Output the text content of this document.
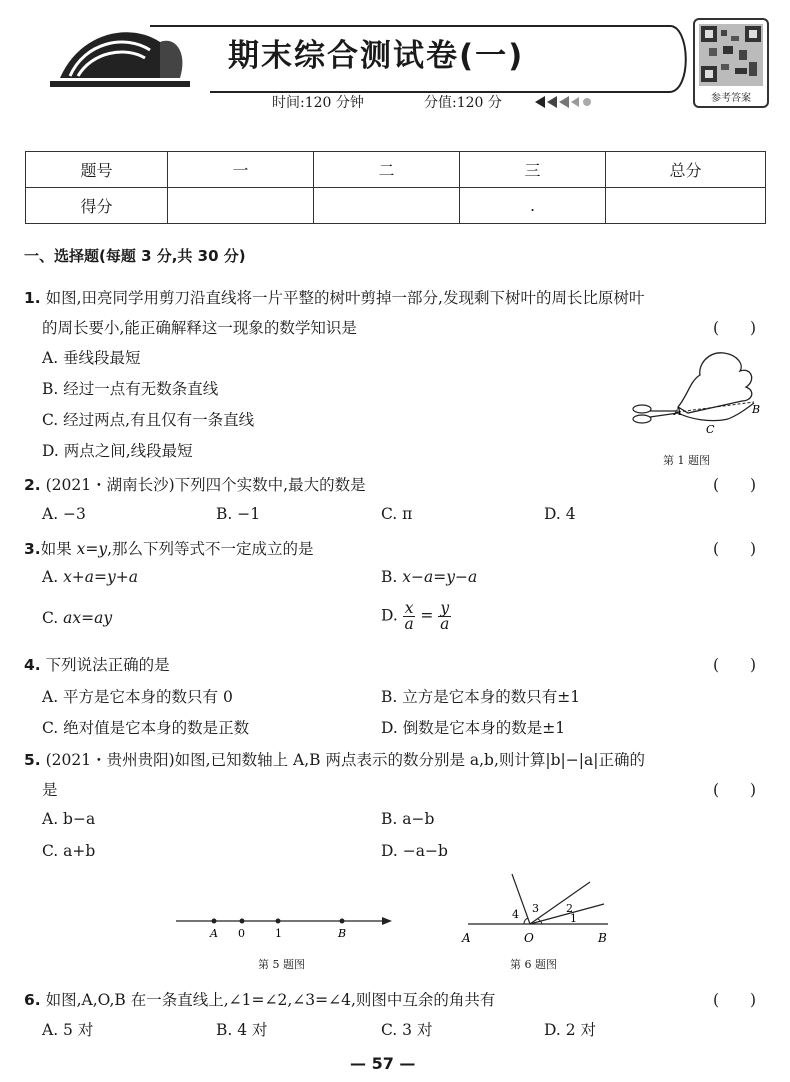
期末综合测试卷(一)
时间:120 分钟	分值:120 分	参考答案
题号	一	二	三	总分
得分			.	
一、选择题(每题 3 分,共 30 分)
1. 如图,田亮同学用剪刀沿直线将一片平整的树叶剪掉一部分,发现剩下树叶的周长比原树叶
的周长要小,能正确解释这一现象的数学知识是	(　　)
A. 垂线段最短
B. 经过一点有无数条直线
C. 经过两点,有且仅有一条直线
D. 两点之间,线段最短
A	B
C
第 1 题图
2. (2021・湖南长沙)下列四个实数中,最大的数是	(　　)
A. −3	B. −1	C. π	D. 4
3.如果 x=y,那么下列等式不一定成立的是	(　　)
A. x+a=y+a	B. x−a=y−a
C. ax=ay	D. $\frac{x}{a} = \frac{y}{a}$
4. 下列说法正确的是	(　　)
A. 平方是它本身的数只有 0	B. 立方是它本身的数只有±1
C. 绝对值是它本身的数是正数	D. 倒数是它本身的数是±1
5. (2021・贵州贵阳)如图,已知数轴上 A,B 两点表示的数分别是 a,b,则计算|b|−|a|正确的
是	(　　)
A. b−a	B. a−b
C. a+b	D. −a−b
A 0	1	B
第 5 题图
A	O	B
1
2
3
4
第 6 题图
6. 如图,A,O,B 在一条直线上,∠1=∠2,∠3=∠4,则图中互余的角共有	(　　)
A. 5 对	B. 4 对	C. 3 对	D. 2 对
— 57 —
